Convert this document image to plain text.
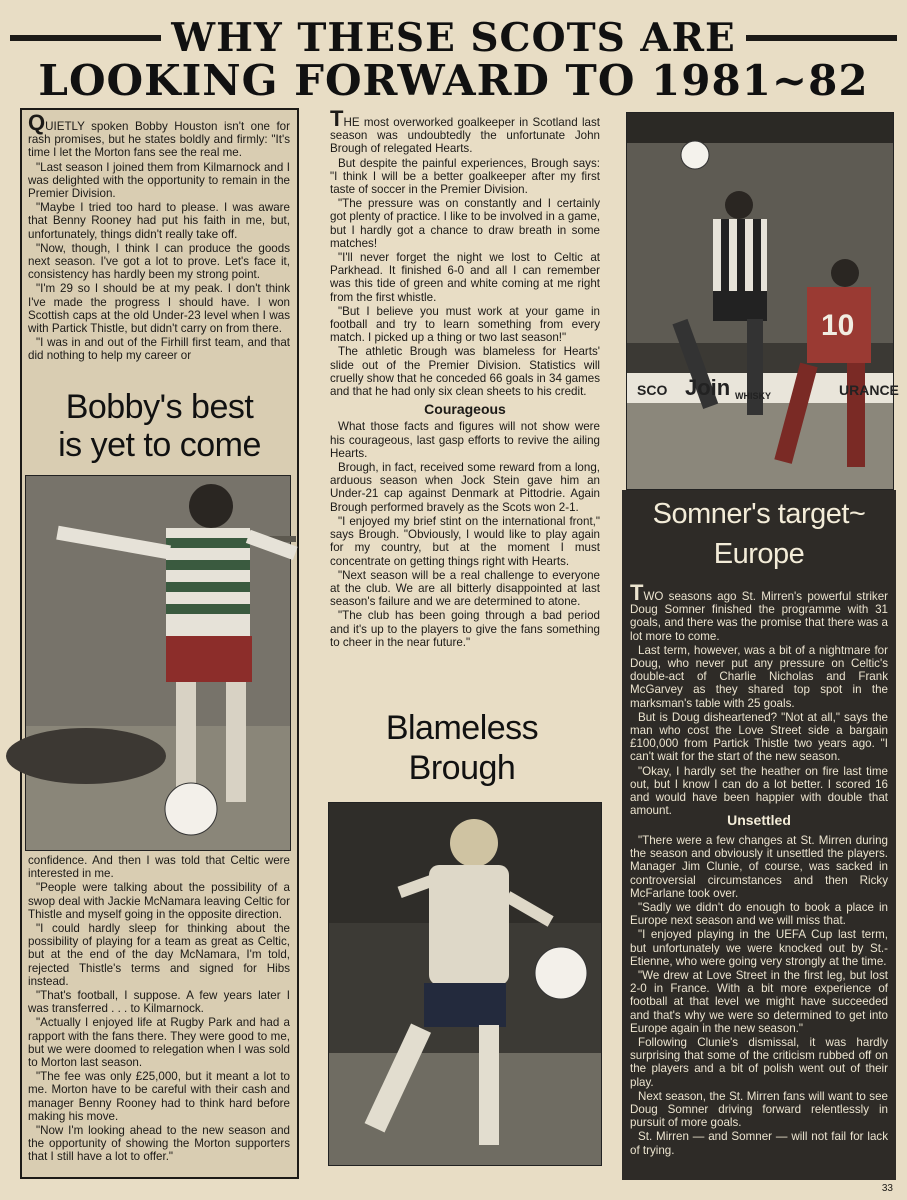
WHY THESE SCOTS ARE
LOOKING FORWARD TO 1981~82

QUIETLY spoken Bobby Houston isn't one for rash promises, but he states boldly and firmly: "It's time I let the Morton fans see the real me.

"Last season I joined them from Kilmarnock and I was delighted with the opportunity to remain in the Premier Division.

"Maybe I tried too hard to please. I was aware that Benny Rooney had put his faith in me, but, unfortunately, things didn't really take off.

"Now, though, I think I can produce the goods next season. I've got a lot to prove. Let's face it, consistency has hardly been my strong point.

"I'm 29 so I should be at my peak. I don't think I've made the progress I should have. I won Scottish caps at the old Under-23 level when I was with Partick Thistle, but didn't carry on from there.

"I was in and out of the Firhill first team, and that did nothing to help my career or

Bobby's best
is yet to come

confidence. And then I was told that Celtic were interested in me.

"People were talking about the possibility of a swop deal with Jackie McNamara leaving Celtic for Thistle and myself going in the opposite direction.

"I could hardly sleep for thinking about the possibility of playing for a team as great as Celtic, but at the end of the day McNamara, I'm told, rejected Thistle's terms and signed for Hibs instead.

"That's football, I suppose. A few years later I was transferred . . . to Kilmarnock.

"Actually I enjoyed life at Rugby Park and had a rapport with the fans there. They were good to me, but we were doomed to relegation when I was sold to Morton last season.

"The fee was only £25,000, but it meant a lot to me. Morton have to be careful with their cash and manager Benny Rooney had to think hard before making his move.

"Now I'm looking ahead to the new season and the opportunity of showing the Morton supporters that I still have a lot to offer."

THE most overworked goalkeeper in Scotland last season was undoubtedly the unfortunate John Brough of relegated Hearts.

But despite the painful experiences, Brough says: "I think I will be a better goalkeeper after my first taste of soccer in the Premier Division.

"The pressure was on constantly and I certainly got plenty of practice. I like to be involved in a game, but I hardly got a chance to draw breath in some matches!

"I'll never forget the night we lost to Celtic at Parkhead. It finished 6-0 and all I can remember was this tide of green and white coming at me right from the first whistle.

"But I believe you must work at your game in football and try to learn something from every match. I picked up a thing or two last season!"

The athletic Brough was blameless for Hearts' slide out of the Premier Division. Statistics will cruelly show that he conceded 66 goals in 34 games and that he had only six clean sheets to his credit.

Courageous

What those facts and figures will not show were his courageous, last gasp efforts to revive the ailing Hearts.

Brough, in fact, received some reward from a long, arduous season when Jock Stein gave him an Under-21 cap against Denmark at Pittodrie. Again Brough performed bravely as the Scots won 2-1.

"I enjoyed my brief stint on the international front," says Brough. "Obviously, I would like to play again for my country, but at the moment I must concentrate on getting things right with Hearts.

"Next season will be a real challenge to everyone at the club. We are all bitterly disappointed at last season's failure and we are determined to atone.

"The club has been going through a bad period and it's up to the players to give the fans something to cheer in the near future."

Blameless
Brough
10
Join
SCO	WHISKY	URANCE
Somner's target~
Europe

TWO seasons ago St. Mirren's powerful striker Doug Somner finished the programme with 31 goals, and there was the promise that there was a lot more to come.

Last term, however, was a bit of a nightmare for Doug, who never put any pressure on Celtic's double-act of Charlie Nicholas and Frank McGarvey as they shared top spot in the marksman's table with 25 goals.

But is Doug disheartened? "Not at all," says the man who cost the Love Street side a bargain £100,000 from Partick Thistle two years ago. "I can't wait for the start of the new season.

"Okay, I hardly set the heather on fire last time out, but I know I can do a lot better. I scored 16 and would have been happier with double that amount.

Unsettled

"There were a few changes at St. Mirren during the season and obviously it unsettled the players. Manager Jim Clunie, of course, was sacked in controversial circumstances and then Ricky McFarlane took over.

"Sadly we didn't do enough to book a place in Europe next season and we will miss that.

"I enjoyed playing in the UEFA Cup last term, but unfortunately we were knocked out by St.-Etienne, who were going very strongly at the time.

"We drew at Love Street in the first leg, but lost 2-0 in France. With a bit more experience of football at that level we might have succeeded and that's why we were so determined to get into Europe again in the new season."

Following Clunie's dismissal, it was hardly surprising that some of the criticism rubbed off on the players and a bit of polish went out of their play.

Next season, the St. Mirren fans will want to see Doug Somner driving forward relentlessly in pursuit of more goals.

St. Mirren — and Somner — will not fail for lack of trying.

33
